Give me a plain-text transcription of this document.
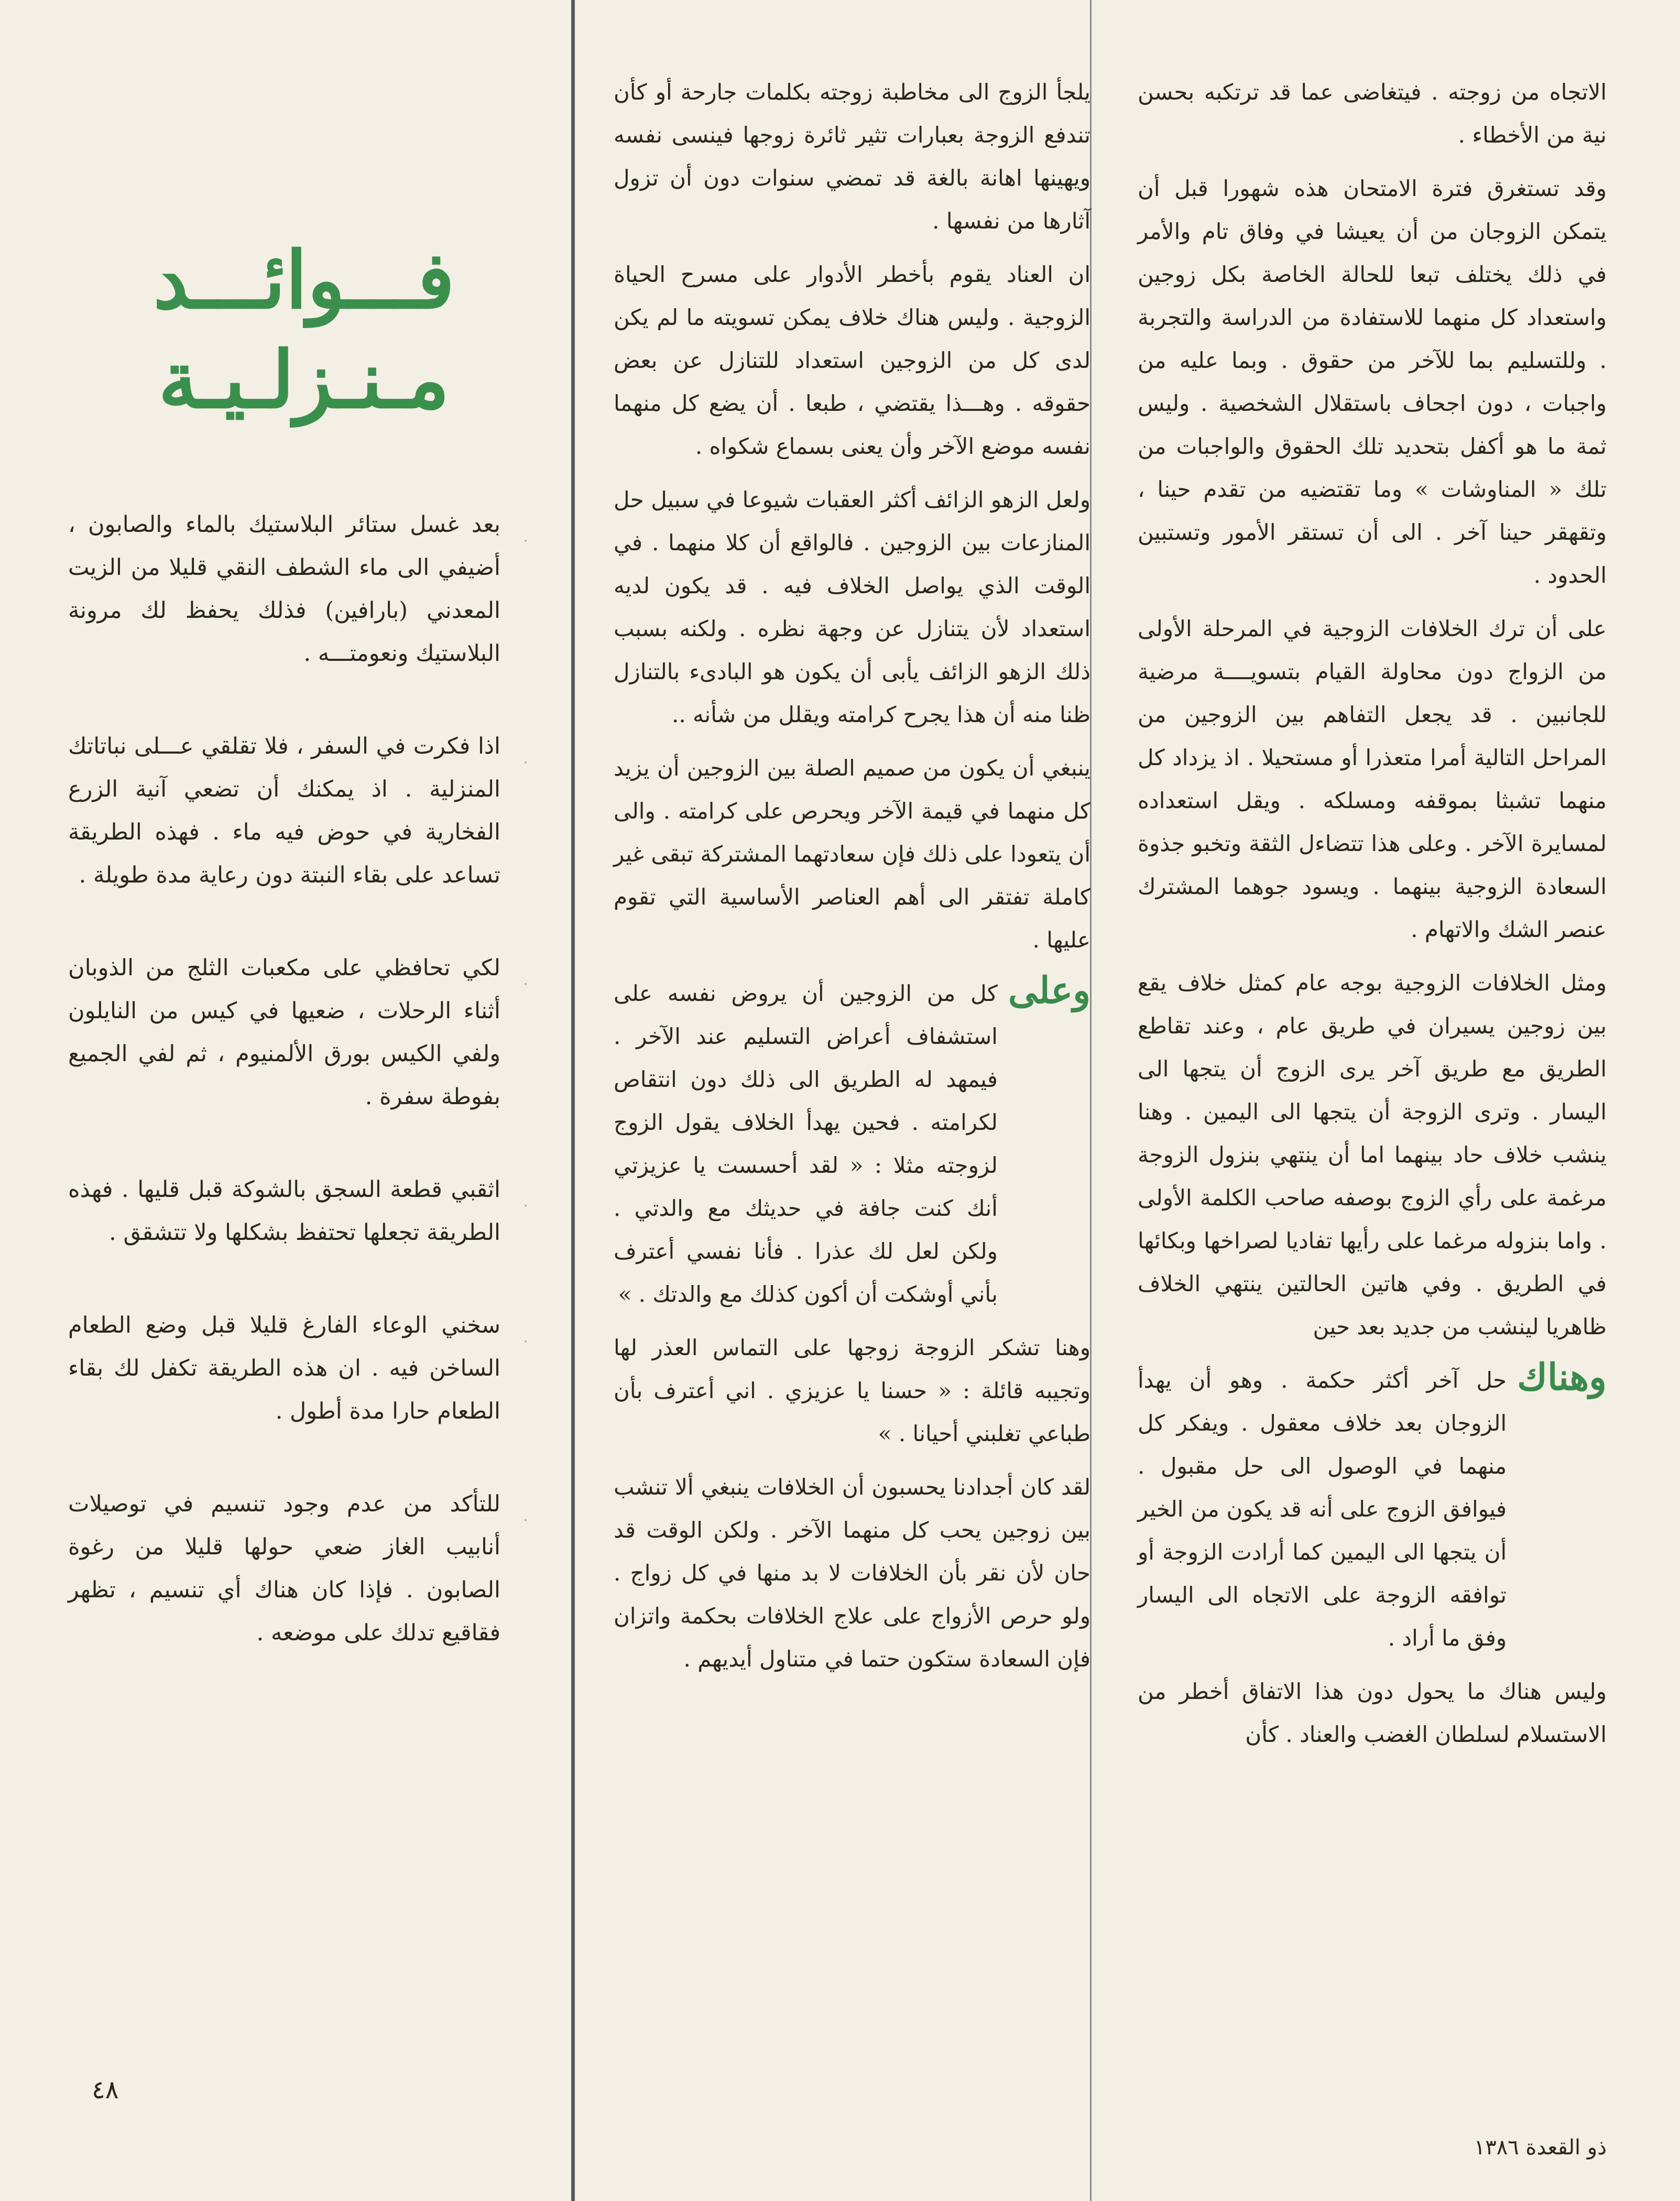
الاتجاه من زوجته . فيتغاضى عما قد ترتكبه بحسن نية من الأخطاء .

وقد تستغرق فترة الامتحان هذه شهورا قبل أن يتمكن الزوجان من أن يعيشا في وفاق تام والأمر في ذلك يختلف تبعا للحالة الخاصة بكل زوجين واستعداد كل منهما للاستفادة من الدراسة والتجربة . وللتسليم بما للآخر من حقوق . وبما عليه من واجبات ، دون اجحاف باستقلال الشخصية . وليس ثمة ما هو أكفل بتحديد تلك الحقوق والواجبات من تلك « المناوشات » وما تقتضيه من تقدم حينا ، وتقهقر حينا آخر . الى أن تستقر الأمور وتستبين الحدود .

على أن ترك الخلافات الزوجية في المرحلة الأولى من الزواج دون محاولة القيام بتسويــــة مرضية للجانبين . قد يجعل التفاهم بين الزوجين من المراحل التالية أمرا متعذرا أو مستحيلا . اذ يزداد كل منهما تشبثا بموقفه ومسلكه . ويقل استعداده لمسايرة الآخر . وعلى هذا تتضاءل الثقة وتخبو جذوة السعادة الزوجية بينهما . ويسود جوهما المشترك عنصر الشك والاتهام .

ومثل الخلافات الزوجية بوجه عام كمثل خلاف يقع بين زوجين يسيران في طريق عام ، وعند تقاطع الطريق مع طريق آخر يرى الزوج أن يتجها الى اليسار . وترى الزوجة أن يتجها الى اليمين . وهنا ينشب خلاف حاد بينهما اما أن ينتهي بنزول الزوجة مرغمة على رأي الزوج بوصفه صاحب الكلمة الأولى . واما بنزوله مرغما على رأيها تفاديا لصراخها وبكائها في الطريق . وفي هاتين الحالتين ينتهي الخلاف ظاهريا لينشب من جديد بعد حين

وهناك
حل آخر أكثر حكمة . وهو أن يهدأ الزوجان بعد خلاف معقول . ويفكر كل منهما في الوصول الى حل مقبول . فيوافق الزوج على أنه قد يكون من الخير أن يتجها الى اليمين كما أرادت الزوجة أو توافقه الزوجة على الاتجاه الى اليسار وفق ما أراد .

وليس هناك ما يحول دون هذا الاتفاق أخطر من الاستسلام لسلطان الغضب والعناد . كأن

يلجأ الزوج الى مخاطبة زوجته بكلمات جارحة أو كأن تندفع الزوجة بعبارات تثير ثائرة زوجها فينسى نفسه ويهينها اهانة بالغة قد تمضي سنوات دون أن تزول آثارها من نفسها .

ان العناد يقوم بأخطر الأدوار على مسرح الحياة الزوجية . وليس هناك خلاف يمكن تسويته ما لم يكن لدى كل من الزوجين استعداد للتنازل عن بعض حقوقه . وهـــذا يقتضي ، طبعا . أن يضع كل منهما نفسه موضع الآخر وأن يعنى بسماع شكواه .

ولعل الزهو الزائف أكثر العقبات شيوعا في سبيل حل المنازعات بين الزوجين . فالواقع أن كلا منهما . في الوقت الذي يواصل الخلاف فيه . قد يكون لديه استعداد لأن يتنازل عن وجهة نظره . ولكنه بسبب ذلك الزهو الزائف يأبى أن يكون هو البادىء بالتنازل ظنا منه أن هذا يجرح كرامته ويقلل من شأنه ..

ينبغي أن يكون من صميم الصلة بين الزوجين أن يزيد كل منهما في قيمة الآخر ويحرص على كرامته . والى أن يتعودا على ذلك فإن سعادتهما المشتركة تبقى غير كاملة تفتقر الى أهم العناصر الأساسية التي تقوم عليها .

وعلى
كل من الزوجين أن يروض نفسه على استشفاف أعراض التسليم عند الآخر . فيمهد له الطريق الى ذلك دون انتقاص لكرامته . فحين يهدأ الخلاف يقول الزوج لزوجته مثلا : « لقد أحسست يا عزيزتي أنك كنت جافة في حديثك مع والدتي . ولكن لعل لك عذرا . فأنا نفسي أعترف بأني أوشكت أن أكون كذلك مع والدتك . »

وهنا تشكر الزوجة زوجها على التماس العذر لها وتجيبه قائلة : « حسنا يا عزيزي . اني أعترف بأن طباعي تغلبني أحيانا . »

لقد كان أجدادنا يحسبون أن الخلافات ينبغي ألا تنشب بين زوجين يحب كل منهما الآخر . ولكن الوقت قد حان لأن نقر بأن الخلافات لا بد منها في كل زواج . ولو حرص الأزواج على علاج الخلافات بحكمة واتزان فإن السعادة ستكون حتما في متناول أيديهم .

فـــوائـــد
مـنـزلـيـة
۰
بعد غسل ستائر البلاستيك بالماء والصابون ، أضيفي الى ماء الشطف النقي قليلا من الزيت المعدني (بارافين) فذلك يحفظ لك مرونة البلاستيك ونعومتـــه .
۰
اذا فكرت في السفر ، فلا تقلقي عـــلى نباتاتك المنزلية . اذ يمكنك أن تضعي آنية الزرع الفخارية في حوض فيه ماء . فهذه الطريقة تساعد على بقاء النبتة دون رعاية مدة طويلة .
۰
لكي تحافظي على مكعبات الثلج من الذوبان أثناء الرحلات ، ضعيها في كيس من النايلون ولفي الكيس بورق الألمنيوم ، ثم لفي الجميع بفوطة سفرة .
۰
اثقبي قطعة السجق بالشوكة قبل قليها . فهذه الطريقة تجعلها تحتفظ بشكلها ولا تتشقق .
۰
سخني الوعاء الفارغ قليلا قبل وضع الطعام الساخن فيه . ان هذه الطريقة تكفل لك بقاء الطعام حارا مدة أطول .
۰
للتأكد من عدم وجود تنسيم في توصيلات أنابيب الغاز ضعي حولها قليلا من رغوة الصابون . فإذا كان هناك أي تنسيم ، تظهر فقاقيع تدلك على موضعه .
٤٨
ذو القعدة ١٣٨٦
